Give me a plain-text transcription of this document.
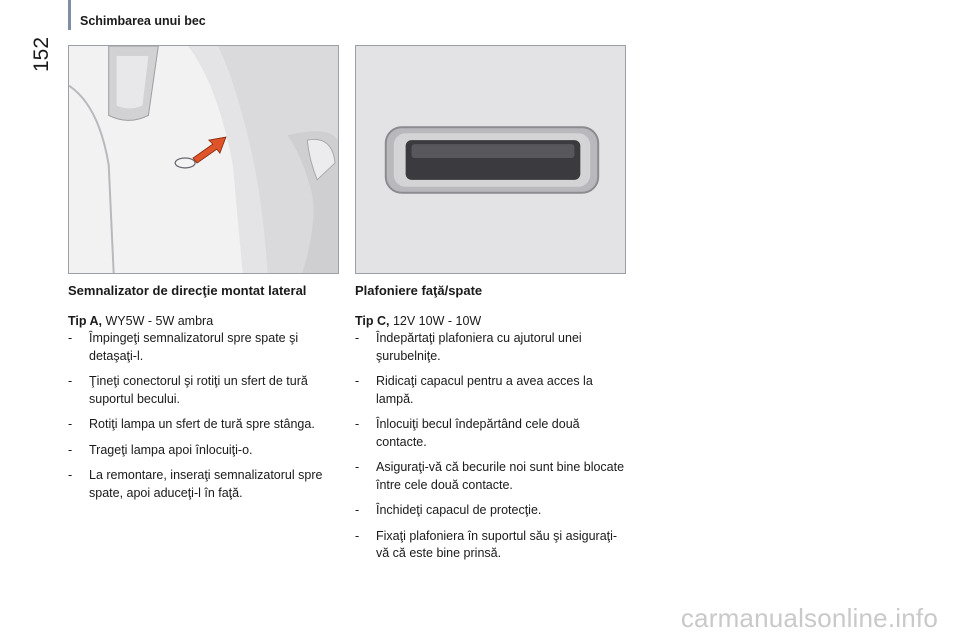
152
Schimbarea unui bec
Semnalizator de direcţie montat lateral

Tip A, WY5W - 5W ambra

- Împingeţi semnalizatorul spre spate şi detaşaţi-l.
- Ţineţi conectorul şi rotiţi un sfert de tură suportul becului.
- Rotiţi lampa un sfert de tură spre stânga.
- Trageţi lampa apoi înlocuiţi-o.
- La remontare, inseraţi semnalizatorul spre spate, apoi aduceţi-l în faţă.
Plafoniere faţă/spate

Tip C, 12V 10W - 10W

- Îndepărtaţi plafoniera cu ajutorul unei şurubelniţe.
- Ridicaţi capacul pentru a avea acces la lampă.
- Înlocuiţi becul îndepărtând cele două contacte.
- Asiguraţi-vă că becurile noi sunt bine blocate între cele două contacte.
- Închideţi capacul de protecţie.
- Fixaţi plafoniera în suportul său şi asiguraţi-vă că este bine prinsă.
carmanualsonline.info
